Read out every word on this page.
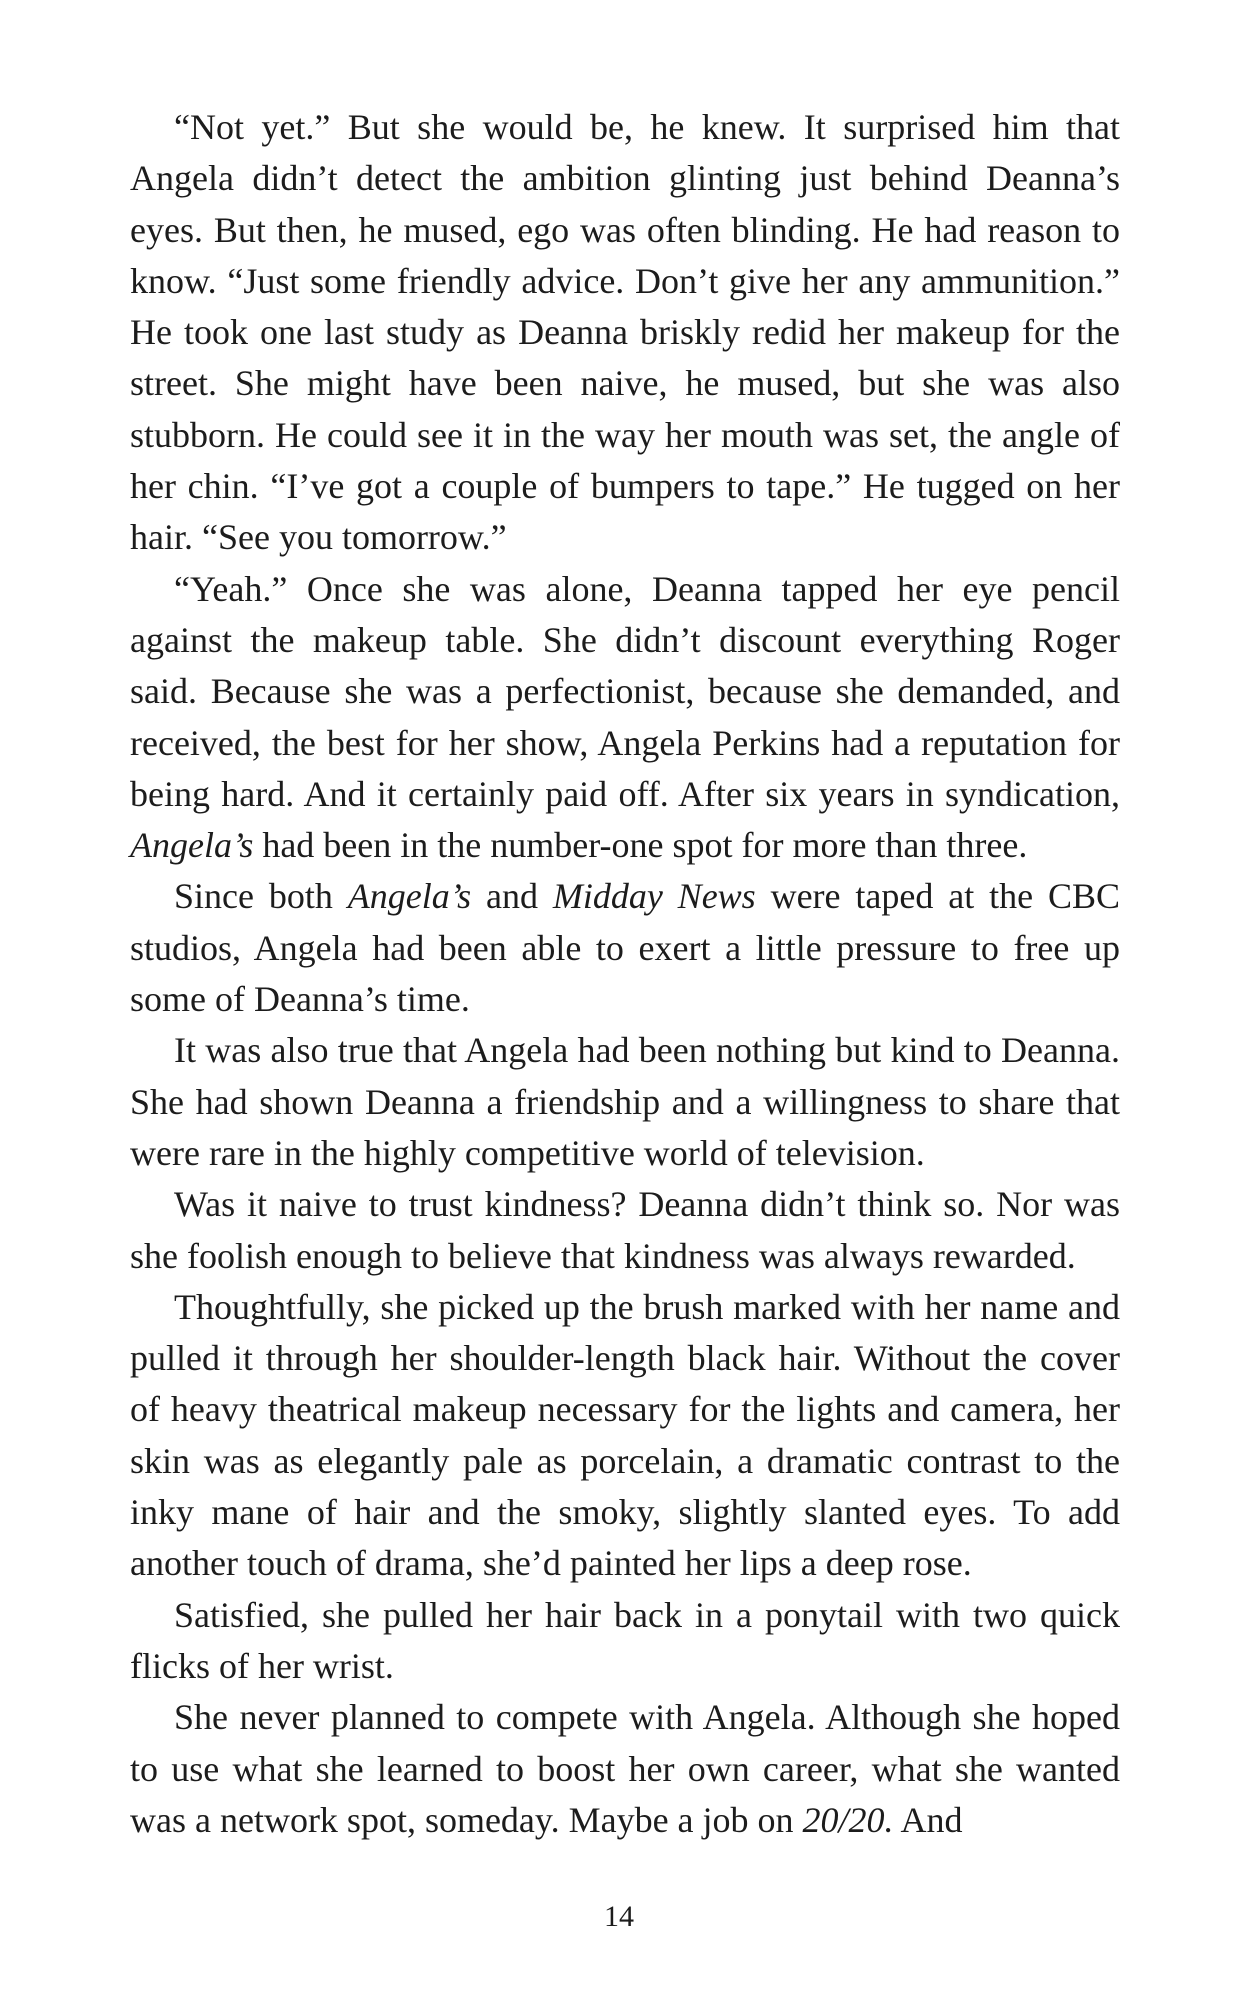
“Not yet.” But she would be, he knew. It surprised him that Angela didn’t detect the ambition glinting just behind Deanna’s eyes. But then, he mused, ego was often blinding. He had reason to know. “Just some friendly advice. Don’t give her any ammunition.” He took one last study as Deanna briskly redid her makeup for the street. She might have been naive, he mused, but she was also stubborn. He could see it in the way her mouth was set, the angle of her chin. “I’ve got a couple of bumpers to tape.” He tugged on her hair. “See you tomorrow.”

“Yeah.” Once she was alone, Deanna tapped her eye pencil against the makeup table. She didn’t discount everything Roger said. Because she was a perfectionist, because she demanded, and received, the best for her show, Angela Perkins had a reputation for being hard. And it certainly paid off. After six years in syndication, Angela’s had been in the number-one spot for more than three.

Since both Angela’s and Midday News were taped at the CBC studios, Angela had been able to exert a little pressure to free up some of Deanna’s time.

It was also true that Angela had been nothing but kind to Deanna. She had shown Deanna a friendship and a willingness to share that were rare in the highly competitive world of television.

Was it naive to trust kindness? Deanna didn’t think so. Nor was she foolish enough to believe that kindness was always rewarded.

Thoughtfully, she picked up the brush marked with her name and pulled it through her shoulder-length black hair. Without the cover of heavy theatrical makeup necessary for the lights and camera, her skin was as elegantly pale as porcelain, a dramatic contrast to the inky mane of hair and the smoky, slightly slanted eyes. To add another touch of drama, she’d painted her lips a deep rose.

Satisfied, she pulled her hair back in a ponytail with two quick flicks of her wrist.

She never planned to compete with Angela. Although she hoped to use what she learned to boost her own career, what she wanted was a network spot, someday. Maybe a job on 20/20. And

14
